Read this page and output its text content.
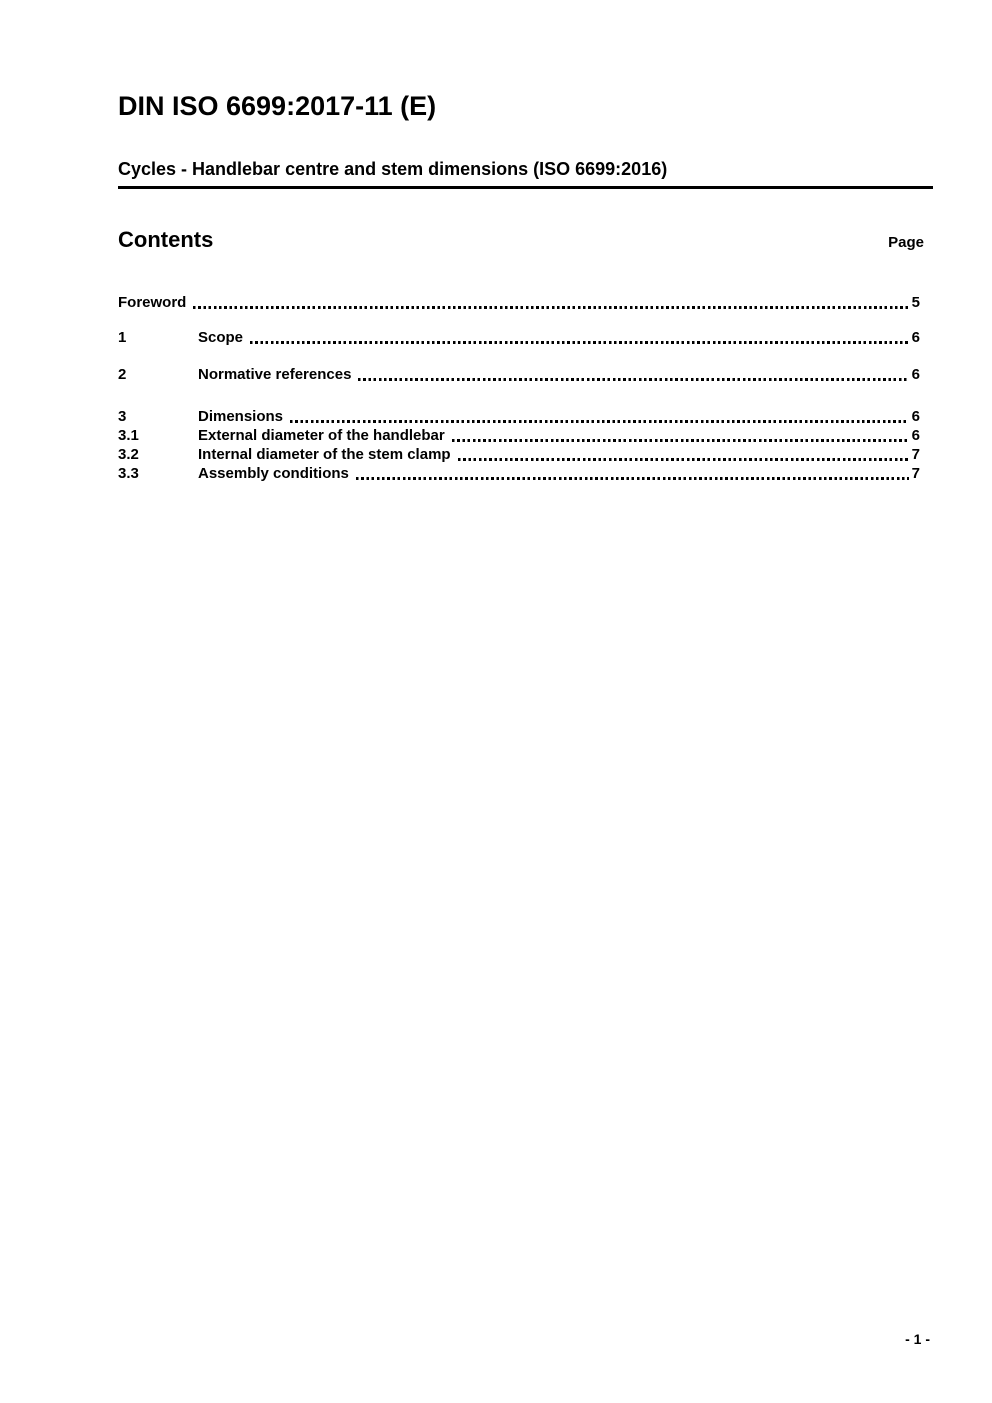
DIN ISO 6699:2017-11 (E)
Cycles - Handlebar centre and stem dimensions (ISO 6699:2016)
Contents	Page
Foreword	5
1	Scope	6
2	Normative references	6
3	Dimensions	6
3.1	External diameter of the handlebar	6
3.2	Internal diameter of the stem clamp	7
3.3	Assembly conditions	7
- 1 -
